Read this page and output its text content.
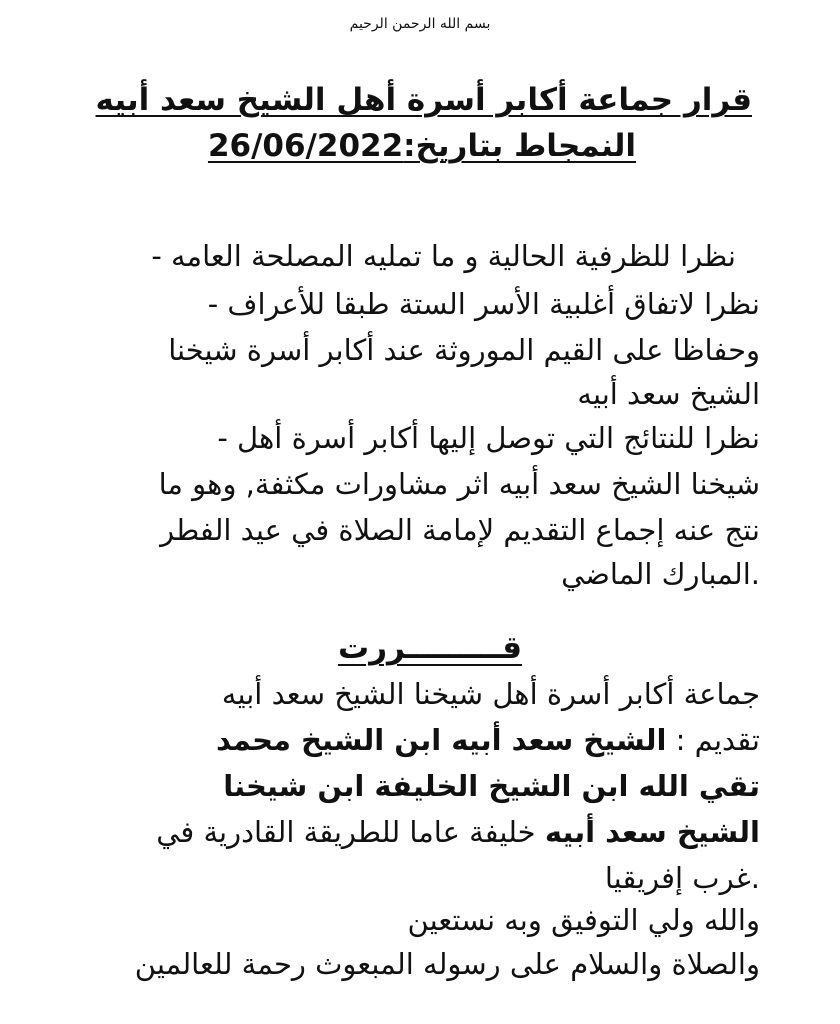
بسم الله الرحمن الرحيم
قرار جماعة أكابر أسرة أهل الشيخ سعد أبيه
النمجاط بتاريخ:26/06/2022
نظرا للظرفية الحالية و ما تمليه المصلحة العامه -
نظرا لاتفاق أغلبية الأسر الستة طبقا للأعراف -
وحفاظا على القيم الموروثة عند أكابر أسرة شيخنا
الشيخ سعد أبيه
نظرا للنتائج التي توصل إليها أكابر أسرة أهل -
شيخنا الشيخ سعد أبيه اثر مشاورات مكثفة, وهو ما
نتج عنه إجماع التقديم لإمامة الصلاة في عيد الفطر
.المبارك الماضي
قـــــــــررت
جماعة أكابر أسرة أهل شيخنا الشيخ سعد أبيه
تقديم : الشيخ سعد أبيه ابن الشيخ محمد
تقي الله ابن الشيخ الخليفة ابن شيخنا
الشيخ سعد أبيه خليفة عاما للطريقة القادرية في
.غرب إفريقيا
والله ولي التوفيق وبه نستعين
والصلاة والسلام على رسوله المبعوث رحمة للعالمين
